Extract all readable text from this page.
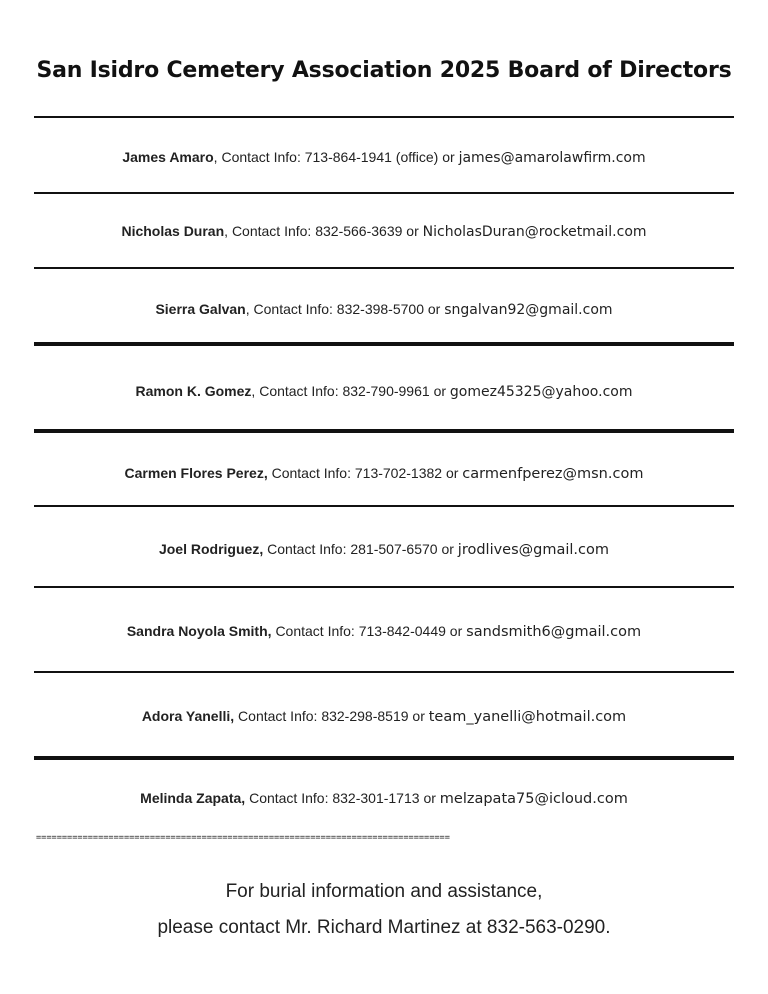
San Isidro Cemetery Association 2025 Board of Directors
James Amaro, Contact Info: 713-864-1941 (office) or james@amarolawfirm.com
Nicholas Duran, Contact Info: 832-566-3639 or NicholasDuran@rocketmail.com
Sierra Galvan, Contact Info: 832-398-5700 or sngalvan92@gmail.com
Ramon K. Gomez, Contact Info: 832-790-9961 or gomez45325@yahoo.com
Carmen Flores Perez, Contact Info: 713-702-1382 or carmenfperez@msn.com
Joel Rodriguez, Contact Info: 281-507-6570 or jrodlives@gmail.com
Sandra Noyola Smith, Contact Info: 713-842-0449 or sandsmith6@gmail.com
Adora Yanelli, Contact Info: 832-298-8519 or team_yanelli@hotmail.com
Melinda Zapata, Contact Info: 832-301-1713 or melzapata75@icloud.com
================================================================================
For burial information and assistance,
please contact Mr. Richard Martinez at 832-563-0290.
